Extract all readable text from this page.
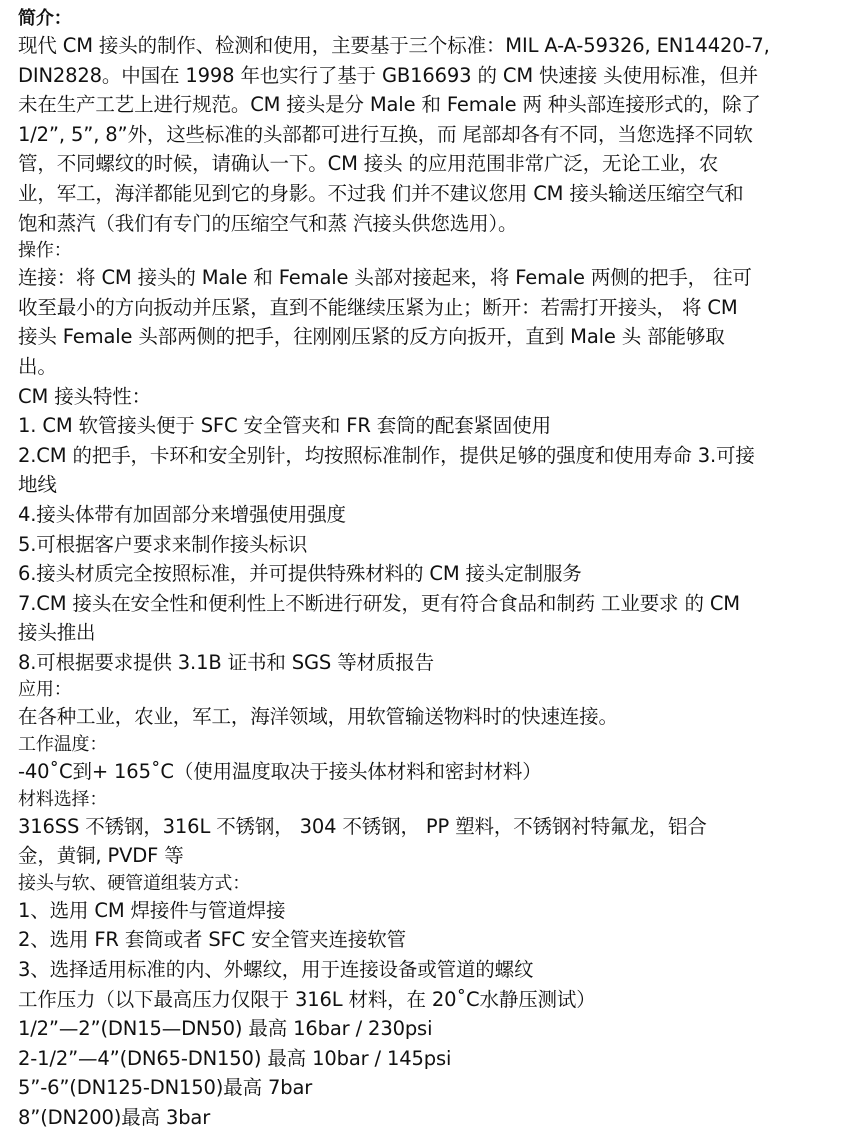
简介：
现代 CM 接头的制作、检测和使用，主要基于三个标准：MIL A-A-59326, EN14420-7,
DIN2828。中国在 1998 年也实行了基于 GB16693 的 CM 快速接 头使用标准，但并
未在生产工艺上进行规范。CM 接头是分 Male 和 Female 两 种头部连接形式的，除了
1/2”, 5”, 8”外，这些标准的头部都可进行互换，而 尾部却各有不同，当您选择不同软
管，不同螺纹的时候，请确认一下。CM 接头 的应用范围非常广泛，无论工业，农
业，军工，海洋都能见到它的身影。不过我 们并不建议您用 CM 接头输送压缩空气和
饱和蒸汽（我们有专门的压缩空气和蒸 汽接头供您选用）。
操作：
连接：将 CM 接头的 Male 和 Female 头部对接起来，将 Female 两侧的把手， 往可
收至最小的方向扳动并压紧，直到不能继续压紧为止；断开：若需打开接头， 将 CM
接头 Female 头部两侧的把手，往刚刚压紧的反方向扳开，直到 Male 头 部能够取
出。
CM 接头特性：
1. CM 软管接头便于 SFC 安全管夹和 FR 套筒的配套紧固使用
2.CM 的把手，卡环和安全别针，均按照标准制作，提供足够的强度和使用寿命 3.可接
地线
4.接头体带有加固部分来增强使用强度
5.可根据客户要求来制作接头标识
6.接头材质完全按照标准，并可提供特殊材料的 CM 接头定制服务
7.CM 接头在安全性和便利性上不断进行研发，更有符合食品和制药 工业要求 的 CM
接头推出
8.可根据要求提供 3.1B 证书和 SGS 等材质报告
应用：
在各种工业，农业，军工，海洋领域，用软管输送物料时的快速连接。
工作温度：
-40˚C到+ 165˚C（使用温度取决于接头体材料和密封材料）
材料选择：
316SS 不锈钢，316L 不锈钢， 304 不锈钢， PP 塑料，不锈钢衬特氟龙，铝合
金，黄铜, PVDF 等
接头与软、硬管道组装方式：
1、选用 CM 焊接件与管道焊接
2、选用 FR 套筒或者 SFC 安全管夹连接软管
3、选择适用标准的内、外螺纹，用于连接设备或管道的螺纹
工作压力（以下最高压力仅限于 316L 材料，在 20˚C水静压测试）
1/2”—2”(DN15—DN50) 最高 16bar / 230psi
2-1/2”—4”(DN65-DN150) 最高 10bar / 145psi
5”-6”(DN125-DN150)最高 7bar
8”(DN200)最高 3bar
